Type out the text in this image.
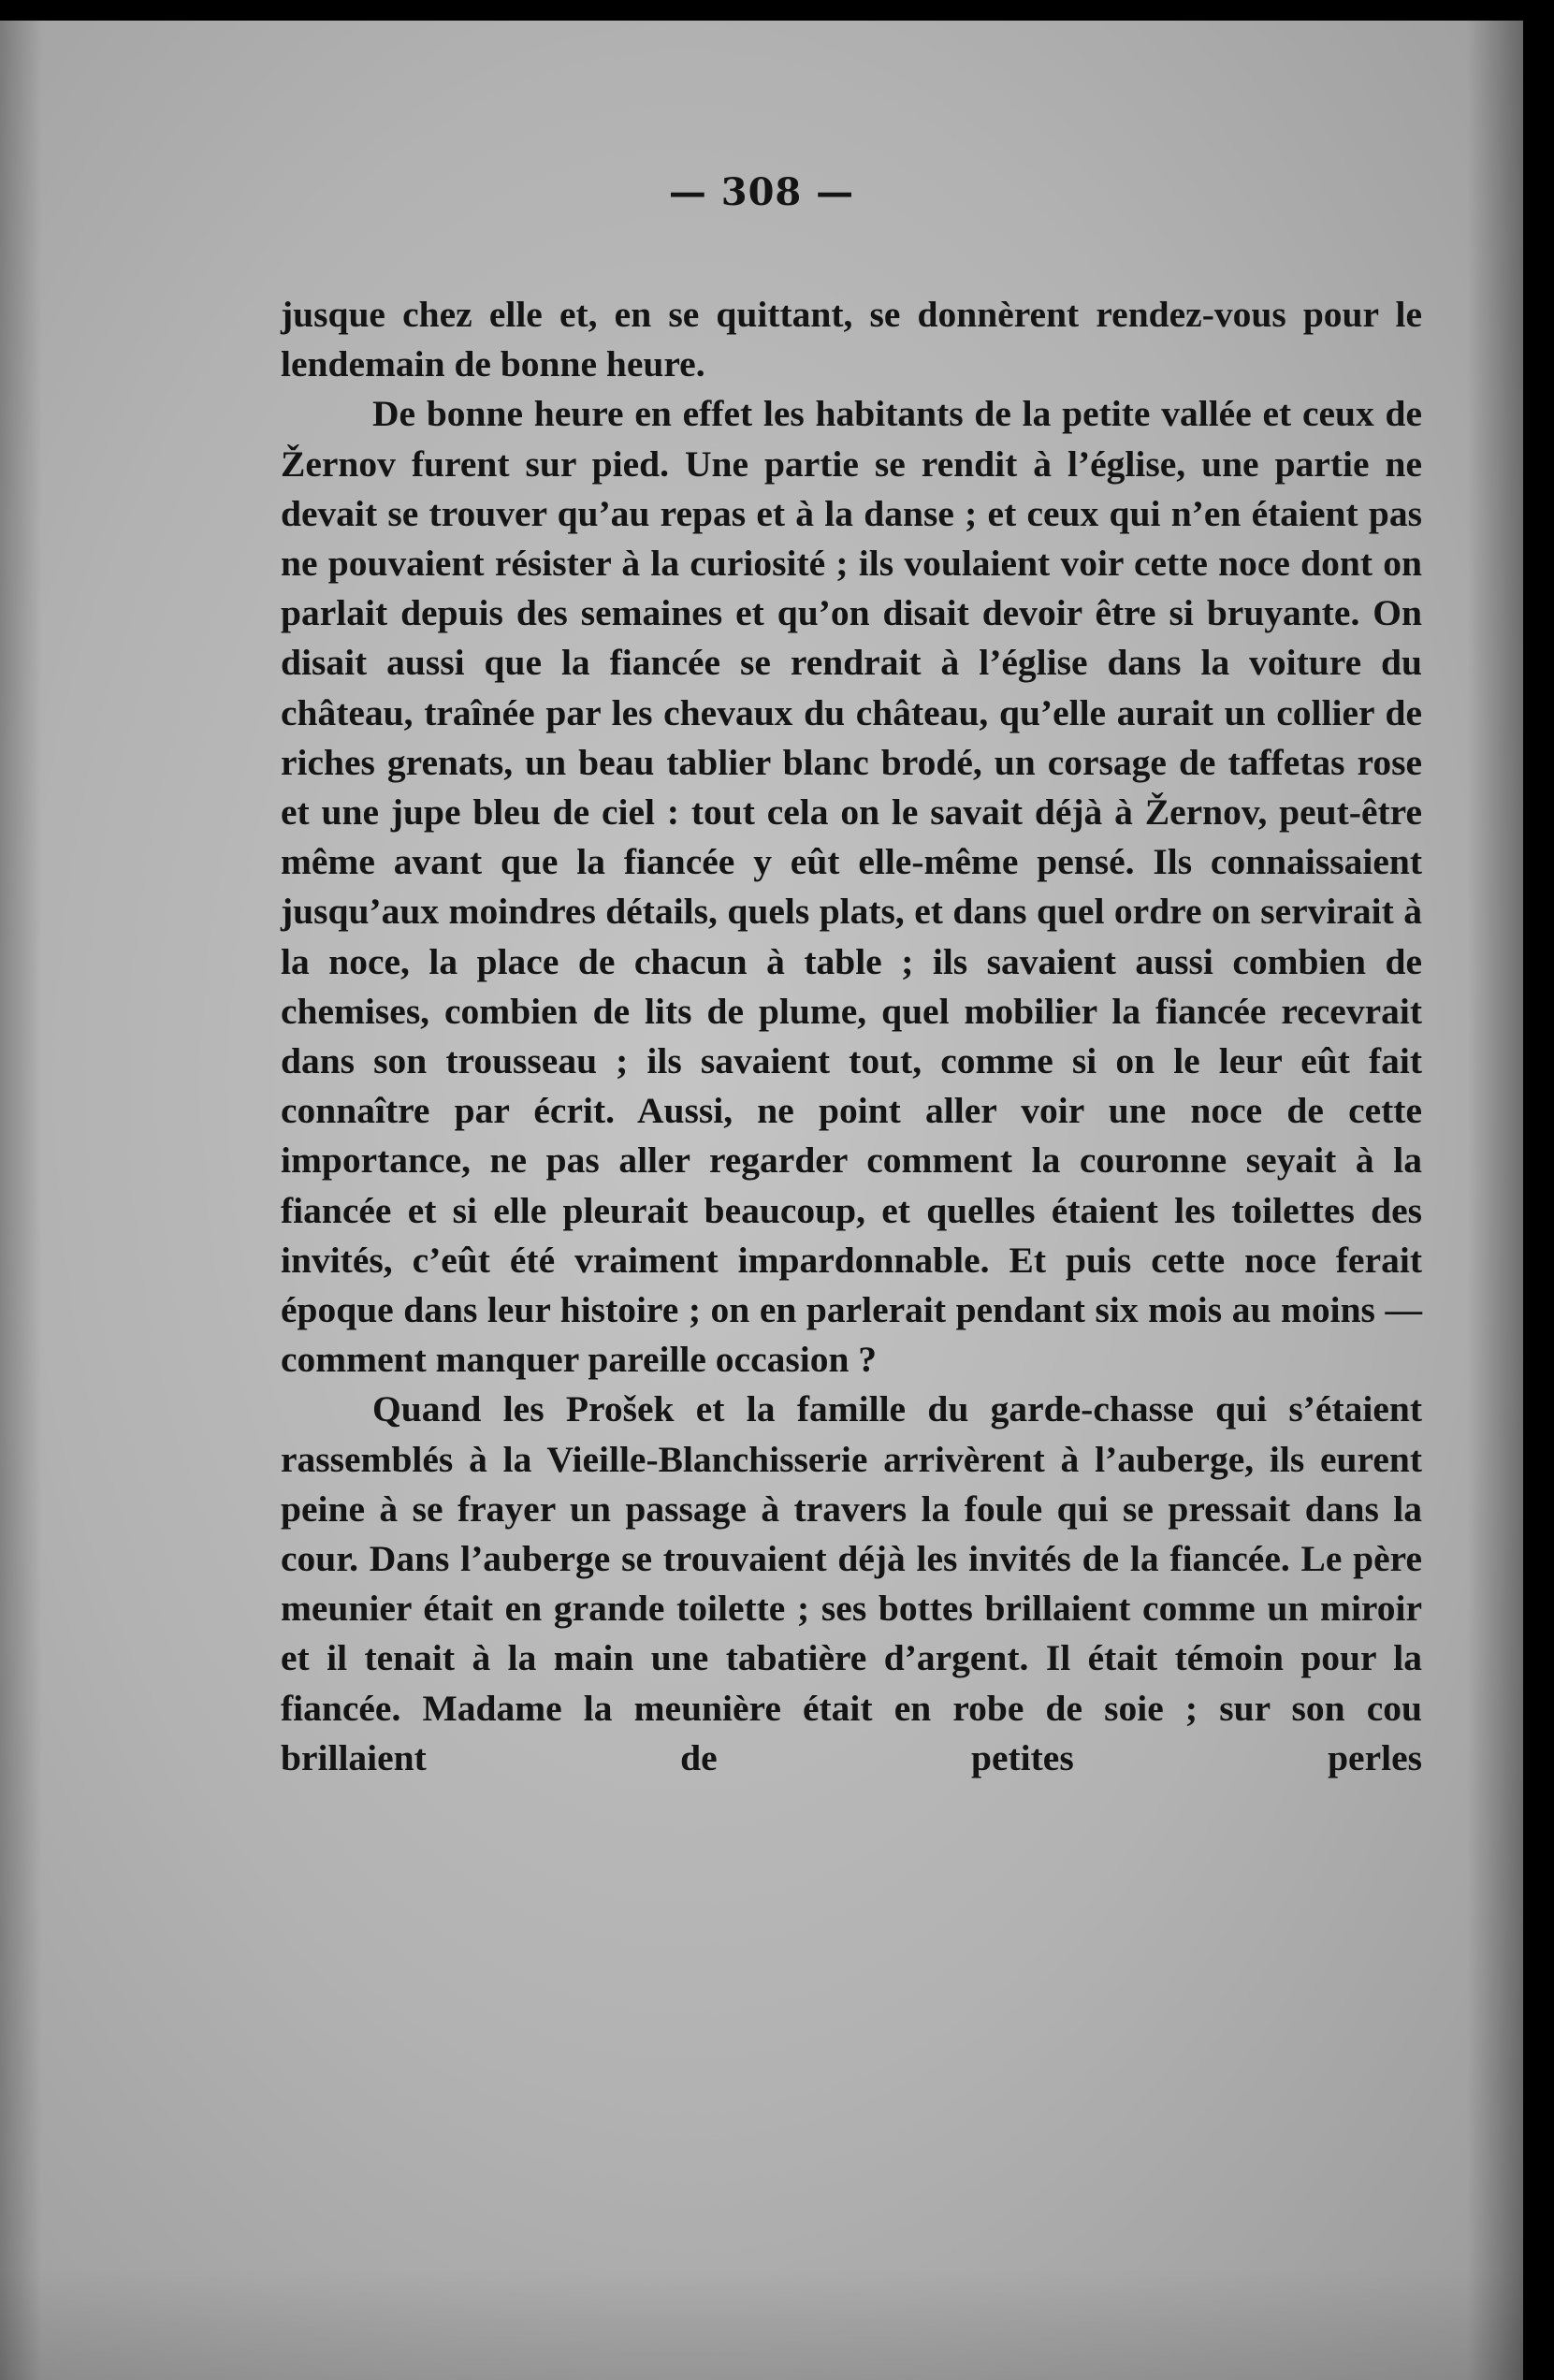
— 308 —

jusque chez elle et, en se quittant, se donnèrent rendez-vous pour le lendemain de bonne heure.

De bonne heure en effet les habitants de la petite vallée et ceux de Žernov furent sur pied. Une partie se rendit à l’église, une partie ne devait se trouver qu’au repas et à la danse ; et ceux qui n’en étaient pas ne pouvaient résister à la curiosité ; ils voulaient voir cette noce dont on parlait depuis des semaines et qu’on disait devoir être si bruyante. On disait aussi que la fiancée se rendrait à l’église dans la voiture du château, traînée par les chevaux du château, qu’elle aurait un collier de riches grenats, un beau tablier blanc brodé, un corsage de taffetas rose et une jupe bleu de ciel : tout cela on le savait déjà à Žernov, peut-être même avant que la fiancée y eût elle-même pensé. Ils connaissaient jusqu’aux moindres détails, quels plats, et dans quel ordre on servirait à la noce, la place de chacun à table ; ils savaient aussi combien de chemises, combien de lits de plume, quel mobilier la fiancée recevrait dans son trousseau ; ils savaient tout, comme si on le leur eût fait connaître par écrit. Aussi, ne point aller voir une noce de cette importance, ne pas aller regarder comment la couronne seyait à la fiancée et si elle pleurait beaucoup, et quelles étaient les toilettes des invités, c’eût été vraiment impardonnable. Et puis cette noce ferait époque dans leur histoire ; on en parlerait pendant six mois au moins — comment manquer pareille occasion ?

Quand les Prošek et la famille du garde-chasse qui s’étaient rassemblés à la Vieille-Blanchisserie arrivèrent à l’auberge, ils eurent peine à se frayer un passage à travers la foule qui se pressait dans la cour. Dans l’auberge se trouvaient déjà les invités de la fiancée. Le père meunier était en grande toilette ; ses bottes brillaient comme un miroir et il tenait à la main une tabatière d’argent. Il était témoin pour la fiancée. Madame la meunière était en robe de soie ; sur son cou brillaient de petites perles
